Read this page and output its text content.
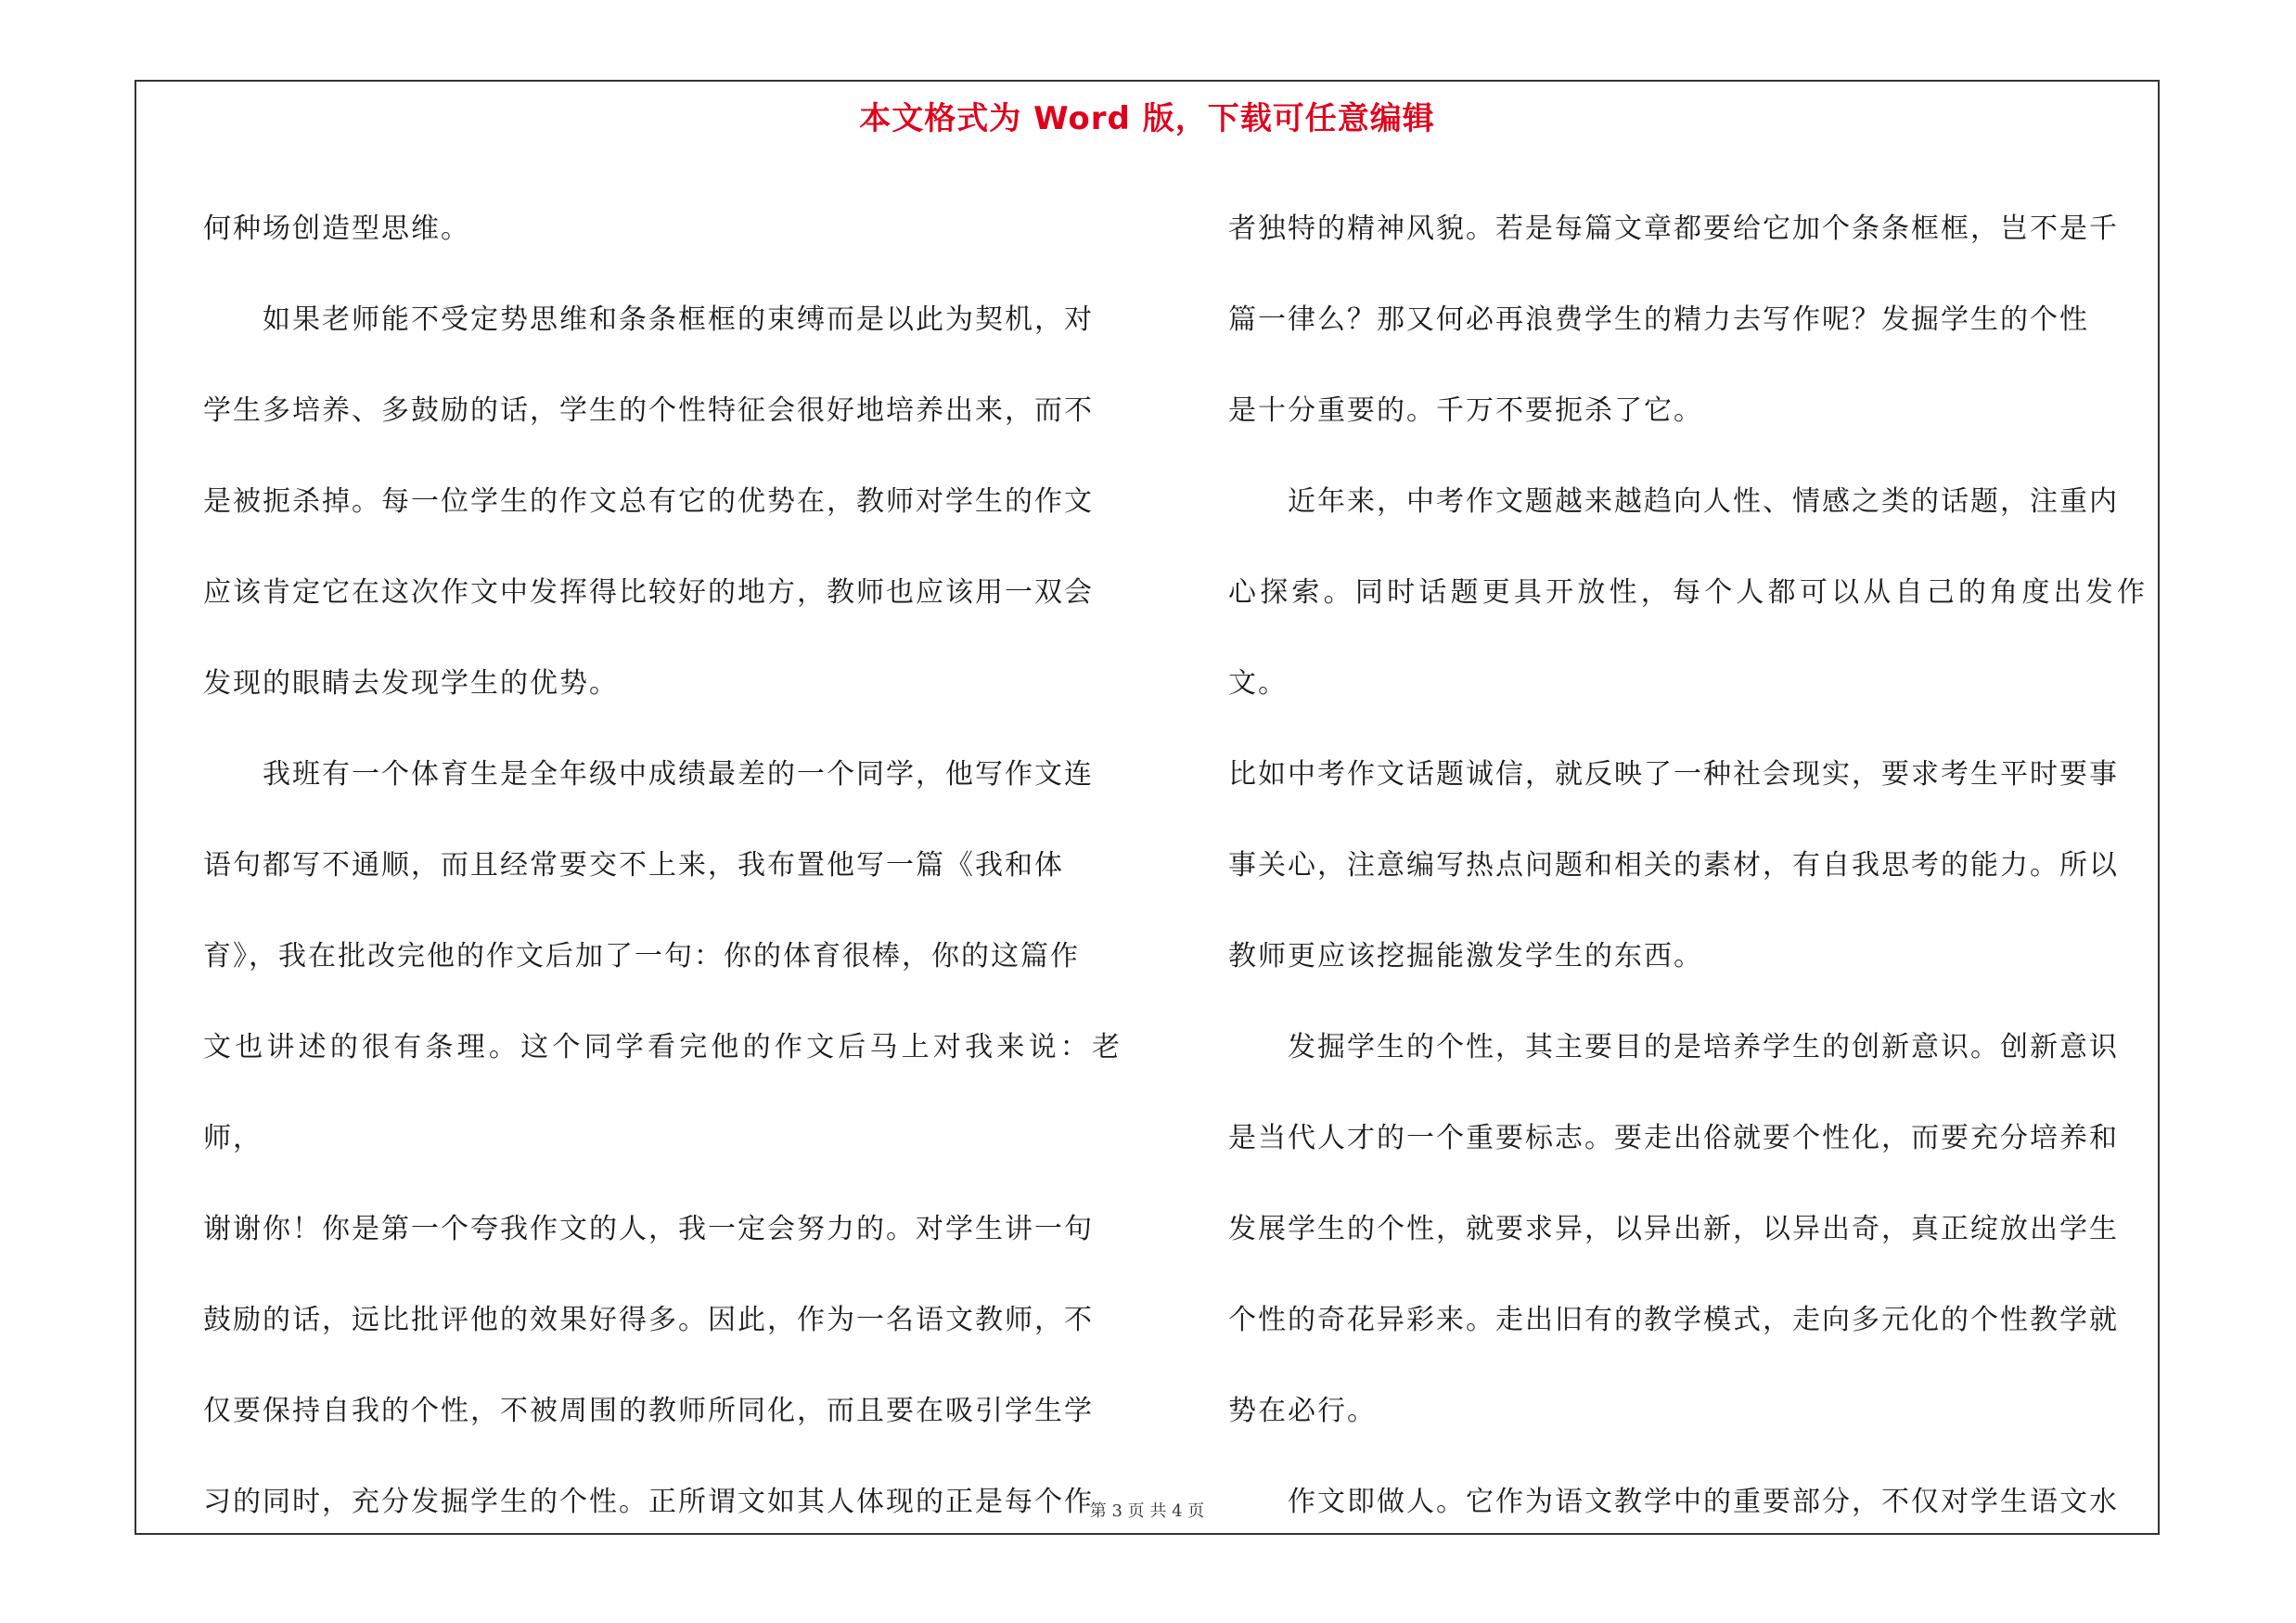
本文格式为 Word 版，下载可任意编辑

何种场创造型思维。

　　如果老师能不受定势思维和条条框框的束缚而是以此为契机，对
学生多培养、多鼓励的话，学生的个性特征会很好地培养出来，而不
是被扼杀掉。每一位学生的作文总有它的优势在，教师对学生的作文
应该肯定它在这次作文中发挥得比较好的地方，教师也应该用一双会
发现的眼睛去发现学生的优势。

　　我班有一个体育生是全年级中成绩最差的一个同学，他写作文连
语句都写不通顺，而且经常要交不上来，我布置他写一篇《我和体
育》，我在批改完他的作文后加了一句：你的体育很棒，你的这篇作
文也讲述的很有条理。这个同学看完他的作文后马上对我来说：老师，
谢谢你！你是第一个夸我作文的人，我一定会努力的。对学生讲一句
鼓励的话，远比批评他的效果好得多。因此，作为一名语文教师，不
仅要保持自我的个性，不被周围的教师所同化，而且要在吸引学生学
习的同时，充分发掘学生的个性。正所谓文如其人体现的正是每个作

者独特的精神风貌。若是每篇文章都要给它加个条条框框，岂不是千
篇一律么？那又何必再浪费学生的精力去写作呢？发掘学生的个性
是十分重要的。千万不要扼杀了它。

　　近年来，中考作文题越来越趋向人性、情感之类的话题，注重内
心探索。同时话题更具开放性，每个人都可以从自己的角度出发作文。
比如中考作文话题诚信，就反映了一种社会现实，要求考生平时要事
事关心，注意编写热点问题和相关的素材，有自我思考的能力。所以
教师更应该挖掘能激发学生的东西。

　　发掘学生的个性，其主要目的是培养学生的创新意识。创新意识
是当代人才的一个重要标志。要走出俗就要个性化，而要充分培养和
发展学生的个性，就要求异，以异出新，以异出奇，真正绽放出学生
个性的奇花异彩来。走出旧有的教学模式，走向多元化的个性教学就
势在必行。

　　作文即做人。它作为语文教学中的重要部分，不仅对学生语文水

第 3 页 共 4 页
